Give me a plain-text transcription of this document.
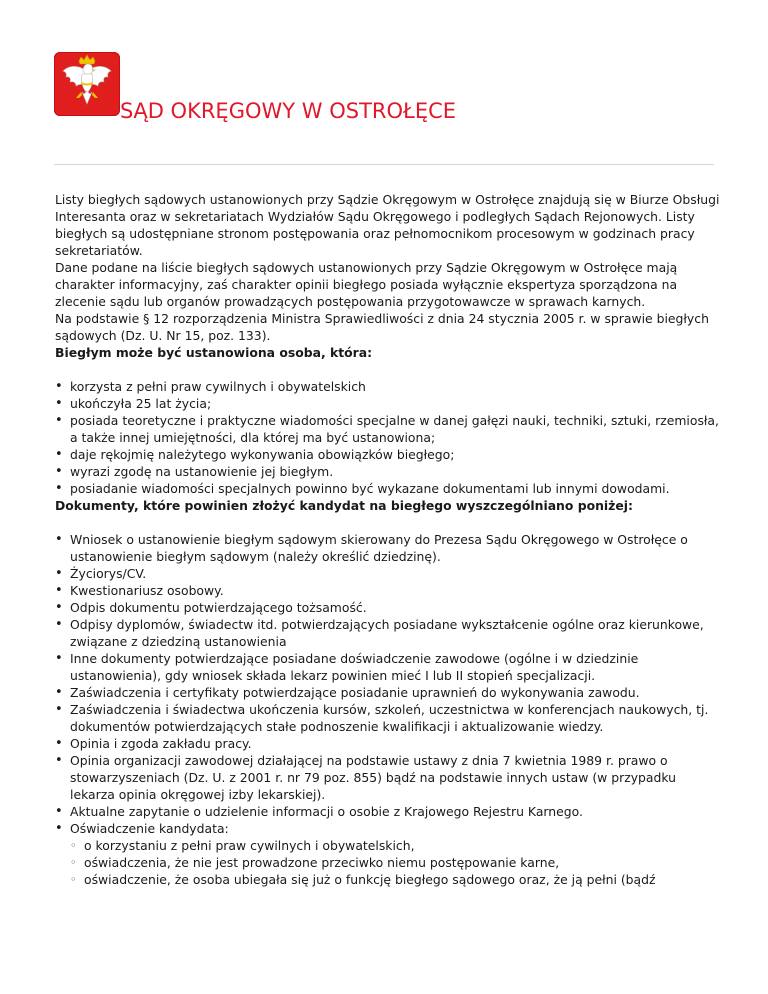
SĄD OKRĘGOWY W OSTROŁĘCE

Listy biegłych sądowych ustanowionych przy Sądzie Okręgowym w Ostrołęce znajdują się w Biurze Obsługi Interesanta oraz w sekretariatach Wydziałów Sądu Okręgowego i podległych Sądach Rejonowych. Listy biegłych są udostępniane stronom postępowania oraz pełnomocnikom procesowym w godzinach pracy sekretariatów.

Dane podane na liście biegłych sądowych ustanowionych przy Sądzie Okręgowym w Ostrołęce mają charakter informacyjny, zaś charakter opinii biegłego posiada wyłącznie ekspertyza sporządzona na zlecenie sądu lub organów prowadzących postępowania przygotowawcze w sprawach karnych.

Na podstawie § 12 rozporządzenia Ministra Sprawiedliwości z dnia 24 stycznia 2005 r. w sprawie biegłych sądowych (Dz. U. Nr 15, poz. 133).

Biegłym może być ustanowiona osoba, która:

• korzysta z pełni praw cywilnych i obywatelskich
• ukończyła 25 lat życia;
• posiada teoretyczne i praktyczne wiadomości specjalne w danej gałęzi nauki, techniki, sztuki, rzemiosła, a także innej umiejętności, dla której ma być ustanowiona;
• daje rękojmię należytego wykonywania obowiązków biegłego;
• wyrazi zgodę na ustanowienie jej biegłym.
• posiadanie wiadomości specjalnych powinno być wykazane dokumentami lub innymi dowodami.

Dokumenty, które powinien złożyć kandydat na biegłego wyszczególniano poniżej:

• Wniosek o ustanowienie biegłym sądowym skierowany do Prezesa Sądu Okręgowego w Ostrołęce o ustanowienie biegłym sądowym (należy określić dziedzinę).
• Życiorys/CV.
• Kwestionariusz osobowy.
• Odpis dokumentu potwierdzającego tożsamość.
• Odpisy dyplomów, świadectw itd. potwierdzających posiadane wykształcenie ogólne oraz kierunkowe, związane z dziedziną ustanowienia
• Inne dokumenty potwierdzające posiadane doświadczenie zawodowe (ogólne i w dziedzinie ustanowienia), gdy wniosek składa lekarz powinien mieć I lub II stopień specjalizacji.
• Zaświadczenia i certyfikaty potwierdzające posiadanie uprawnień do wykonywania zawodu.
• Zaświadczenia i świadectwa ukończenia kursów, szkoleń, uczestnictwa w konferencjach naukowych, tj. dokumentów potwierdzających stałe podnoszenie kwalifikacji i aktualizowanie wiedzy.
• Opinia i zgoda zakładu pracy.
• Opinia organizacji zawodowej działającej na podstawie ustawy z dnia 7 kwietnia 1989 r. prawo o stowarzyszeniach (Dz. U. z 2001 r. nr 79 poz. 855) bądź na podstawie innych ustaw (w przypadku lekarza opinia okręgowej izby lekarskiej).
• Aktualne zapytanie o udzielenie informacji o osobie z Krajowego Rejestru Karnego.
• Oświadczenie kandydata:
◦ o korzystaniu z pełni praw cywilnych i obywatelskich,
◦ oświadczenia, że nie jest prowadzone przeciwko niemu postępowanie karne,
◦ oświadczenie, że osoba ubiegała się już o funkcję biegłego sądowego oraz, że ją pełni (bądź
